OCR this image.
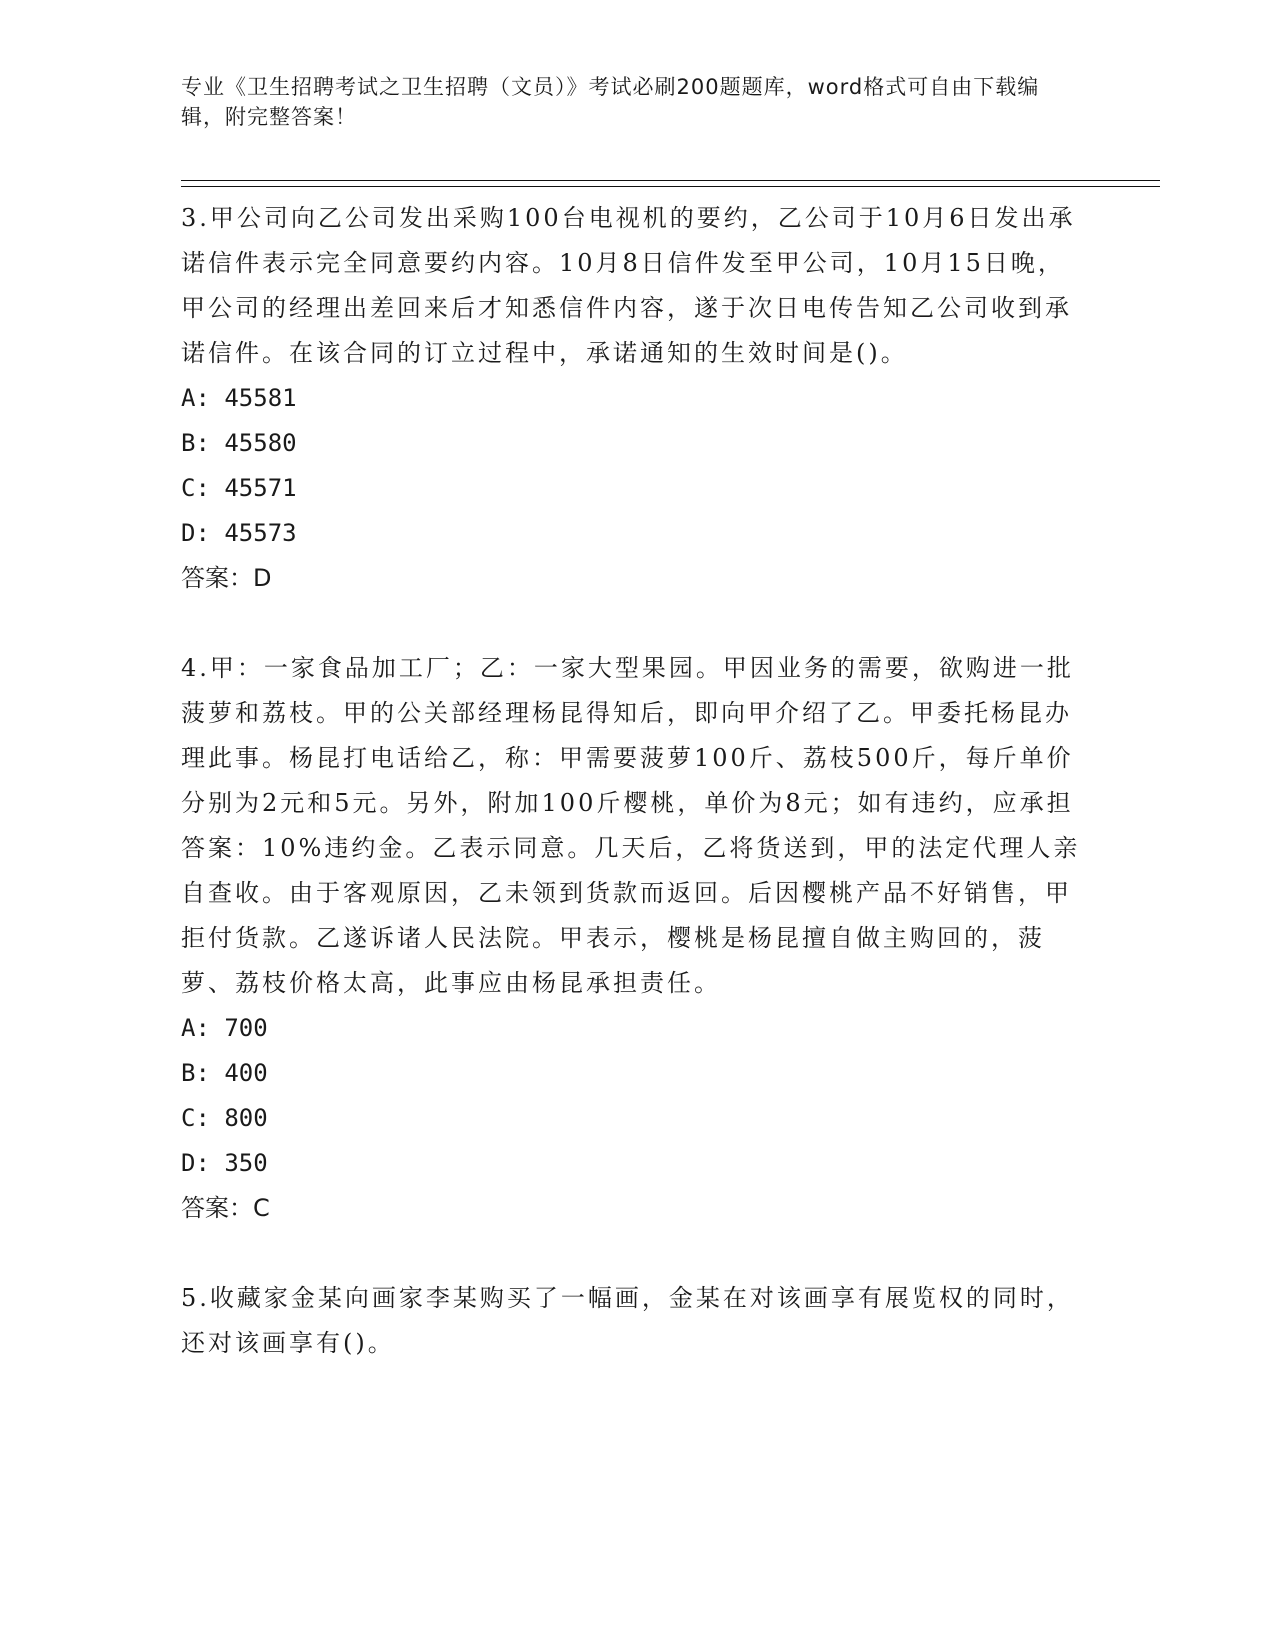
专业《卫生招聘考试之卫生招聘（文员）》考试必刷200题题库，word格式可自由下载编辑，附完整答案！

3.甲公司向乙公司发出采购100台电视机的要约，乙公司于10月6日发出承诺信件表示完全同意要约内容。10月8日信件发至甲公司，10月15日晚，甲公司的经理出差回来后才知悉信件内容，遂于次日电传告知乙公司收到承诺信件。在该合同的订立过程中，承诺通知的生效时间是()。

A: 45581

B: 45580

C: 45571

D: 45573

答案：D

4.甲：一家食品加工厂；乙：一家大型果园。甲因业务的需要，欲购进一批菠萝和荔枝。甲的公关部经理杨昆得知后，即向甲介绍了乙。甲委托杨昆办理此事。杨昆打电话给乙，称：甲需要菠萝100斤、荔枝500斤，每斤单价分别为2元和5元。另外，附加100斤樱桃，单价为8元；如有违约，应承担答案：10%违约金。乙表示同意。几天后，乙将货送到，甲的法定代理人亲自查收。由于客观原因，乙未领到货款而返回。后因樱桃产品不好销售，甲拒付货款。乙遂诉诸人民法院。甲表示，樱桃是杨昆擅自做主购回的，菠萝、荔枝价格太高，此事应由杨昆承担责任。

A: 700

B: 400

C: 800

D: 350

答案：C

5.收藏家金某向画家李某购买了一幅画，金某在对该画享有展览权的同时，还对该画享有()。
